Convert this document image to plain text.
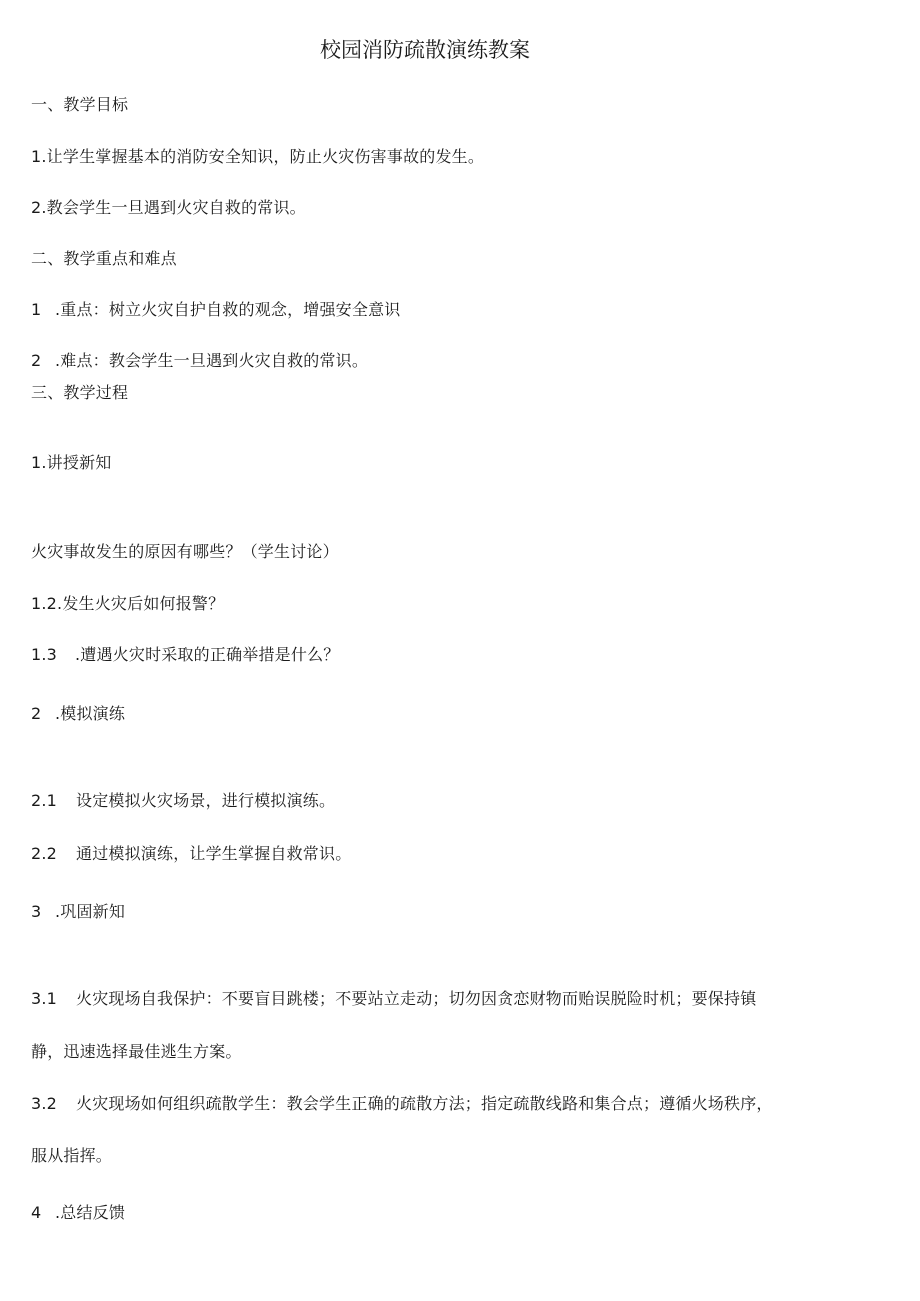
校园消防疏散演练教案
一、教学目标
1.让学生掌握基本的消防安全知识，防止火灾伤害事故的发生。
2.教会学生一旦遇到火灾自救的常识。
二、教学重点和难点
1 .重点：树立火灾自护自救的观念，增强安全意识
2 .难点：教会学生一旦遇到火灾自救的常识。
三、教学过程
1.讲授新知
火灾事故发生的原因有哪些？（学生讨论）
1.2.发生火灾后如何报警？
1.3 .遭遇火灾时采取的正确举措是什么？
2 .模拟演练
2.1 设定模拟火灾场景，进行模拟演练。
2.2 通过模拟演练，让学生掌握自救常识。
3 .巩固新知
3.1 火灾现场自我保护：不要盲目跳楼；不要站立走动；切勿因贪恋财物而贻误脱险时机；要保持镇
静，迅速选择最佳逃生方案。
3.2 火灾现场如何组织疏散学生：教会学生正确的疏散方法；指定疏散线路和集合点；遵循火场秩序，
服从指挥。
4 .总结反馈
